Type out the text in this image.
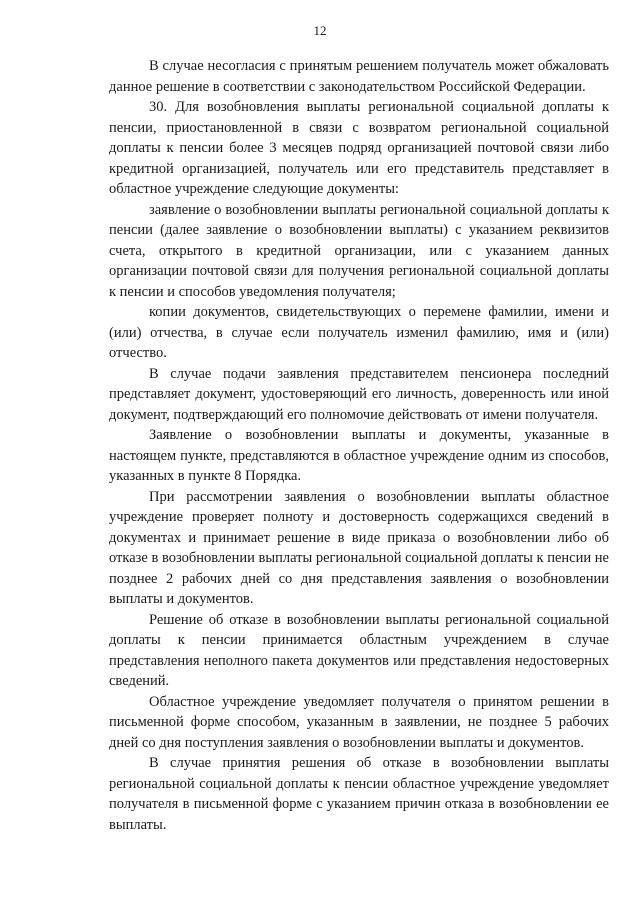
12

В случае несогласия с принятым решением получатель может обжаловать данное решение в соответствии с законодательством Российской Федерации.

30. Для возобновления выплаты региональной социальной доплаты к пенсии, приостановленной в связи с возвратом региональной социальной доплаты к пенсии более 3 месяцев подряд организацией почтовой связи либо кредитной организацией, получатель или его представитель представляет в областное учреждение следующие документы:

заявление о возобновлении выплаты региональной социальной доплаты к пенсии (далее заявление о возобновлении выплаты) с указанием реквизитов счета, открытого в кредитной организации, или с указанием данных организации почтовой связи для получения региональной социальной доплаты к пенсии и способов уведомления получателя;

копии документов, свидетельствующих о перемене фамилии, имени и (или) отчества, в случае если получатель изменил фамилию, имя и (или) отчество.

В случае подачи заявления представителем пенсионера последний представляет документ, удостоверяющий его личность, доверенность или иной документ, подтверждающий его полномочие действовать от имени получателя.

Заявление о возобновлении выплаты и документы, указанные в настоящем пункте, представляются в областное учреждение одним из способов, указанных в пункте 8 Порядка.

При рассмотрении заявления о возобновлении выплаты областное учреждение проверяет полноту и достоверность содержащихся сведений в документах и принимает решение в виде приказа о возобновлении либо об отказе в возобновлении выплаты региональной социальной доплаты к пенсии не позднее 2 рабочих дней со дня представления заявления о возобновлении выплаты и документов.

Решение об отказе в возобновлении выплаты региональной социальной доплаты к пенсии принимается областным учреждением в случае представления неполного пакета документов или представления недостоверных сведений.

Областное учреждение уведомляет получателя о принятом решении в письменной форме способом, указанным в заявлении, не позднее 5 рабочих дней со дня поступления заявления о возобновлении выплаты и документов.

В случае принятия решения об отказе в возобновлении выплаты региональной социальной доплаты к пенсии областное учреждение уведомляет получателя в письменной форме с указанием причин отказа в возобновлении ее выплаты.
